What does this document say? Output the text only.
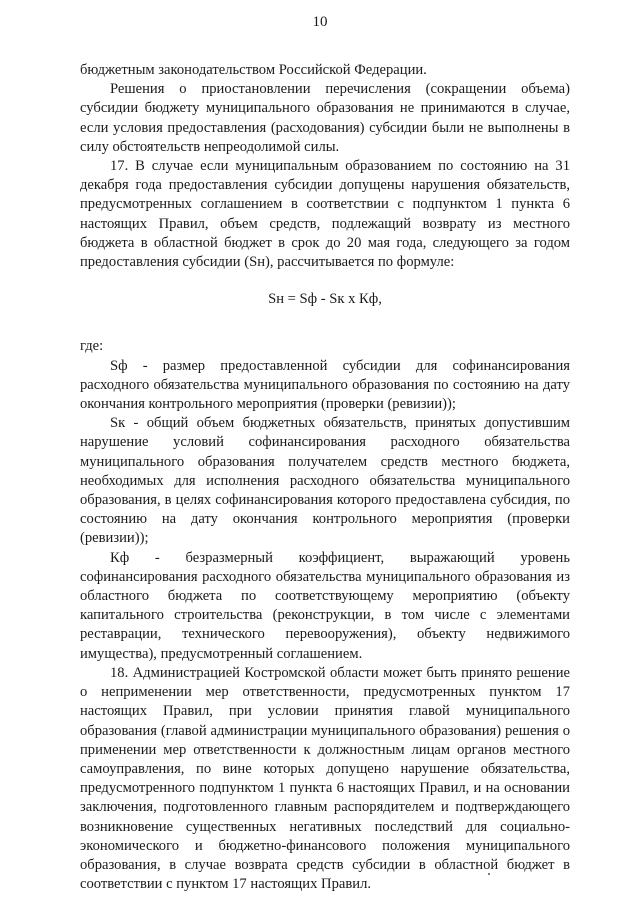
10

бюджетным законодательством Российской Федерации.

Решения о приостановлении перечисления (сокращении объема) субсидии бюджету муниципального образования не принимаются в случае, если условия предоставления (расходования) субсидии были не выполнены в силу обстоятельств непреодолимой силы.

17. В случае если муниципальным образованием по состоянию на 31 декабря года предоставления субсидии допущены нарушения обязательств, предусмотренных соглашением в соответствии с подпунктом 1 пункта 6 настоящих Правил, объем средств, подлежащий возврату из местного бюджета в областной бюджет в срок до 20 мая года, следующего за годом предоставления субсидии (Sн), рассчитывается по формуле:

Sн = Sф - Sк x Кф,

где:

Sф - размер предоставленной субсидии для софинансирования расходного обязательства муниципального образования по состоянию на дату окончания контрольного мероприятия (проверки (ревизии));

Sк - общий объем бюджетных обязательств, принятых допустившим нарушение условий софинансирования расходного обязательства муниципального образования получателем средств местного бюджета, необходимых для исполнения расходного обязательства муниципального образования, в целях софинансирования которого предоставлена субсидия, по состоянию на дату окончания контрольного мероприятия (проверки (ревизии));

Кф - безразмерный коэффициент, выражающий уровень софинансирования расходного обязательства муниципального образования из областного бюджета по соответствующему мероприятию (объекту капитального строительства (реконструкции, в том числе с элементами реставрации, технического перевооружения), объекту недвижимого имущества), предусмотренный соглашением.

18. Администрацией Костромской области может быть принято решение о неприменении мер ответственности, предусмотренных пунктом 17 настоящих Правил, при условии принятия главой муниципального образования (главой администрации муниципального образования) решения о применении мер ответственности к должностным лицам органов местного самоуправления, по вине которых допущено нарушение обязательства, предусмотренного подпунктом 1 пункта 6 настоящих Правил, и на основании заключения, подготовленного главным распорядителем и подтверждающего возникновение существенных негативных последствий для социально-экономического и бюджетно-финансового положения муниципального образования, в случае возврата средств субсидии в областной бюджет в соответствии с пунктом 17 настоящих Правил.
